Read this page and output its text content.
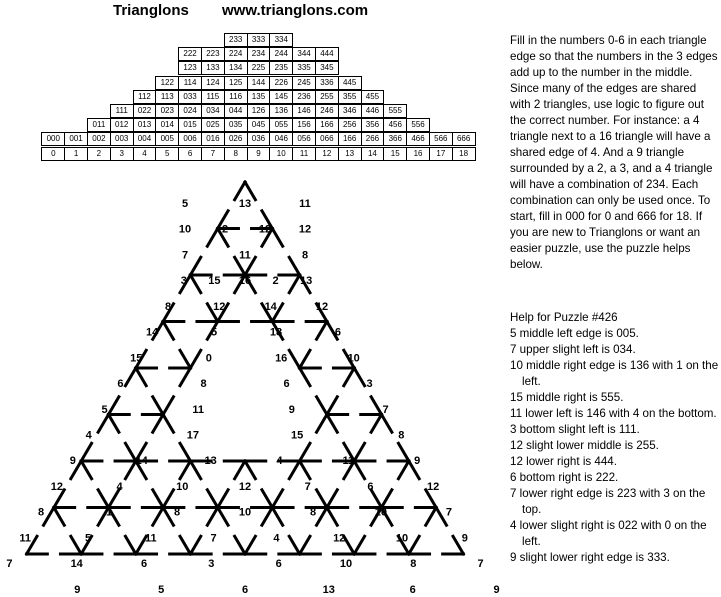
Trianglons www.trianglons.com
233	333	334
222	223	224	234	244	344	444
123	133	134	225	235	335	345
122	114	124	125	144	226	245	336	445
112	113	033	115	116	135	145	236	255	355	455
111	022	023	024	034	044	126	136	146	246	346	446	555
011	012	013	014	015	025	035	045	055	156	166	256	356	456	556
000	001	002	003	004	005	006	016	026	036	046	056	066	166	266	366	466	566	666
0	1	2	3	4	5	6	7	8	9	10	11	12	13	14	15	16	17	18
5	13	11
10	2	12	12
7	11	8
3 15 16 2 13
8	12	14	12
14	5	18	6
15	0	16	10
6	8	6	3
5	11	9	7
4	17	15	8
9	14	13	4	11	9
12	4	10	12	7	6	12
8	1	8	10	8	10	7
11	5	11	7	4	12	10	9
7	14	6	3	6	10	8	7
9	5	6	13	6	9
Fill in the numbers 0-6 in each triangle edge so that the numbers in the 3 edges add up to the number in the middle. Since many of the edges are shared with 2 triangles, use logic to figure out the correct number. For instance: a 4 triangle next to a 16 triangle will have a shared edge of 4. And a 9 triangle surrounded by a 2, a 3, and a 4 triangle will have a combination of 234. Each combination can only be used once. To start, fill in 000 for 0 and 666 for 18. If you are new to Trianglons or want an easier puzzle, use the puzzle helps below.
Help for Puzzle #426
5 middle left edge is 005.
7 upper slight left is 034.
10 middle right edge is 136 with 1 on the left.
15 middle right is 555.
11 lower left is 146 with 4 on the bottom.
3 bottom slight left is 111.
12 slight lower middle is 255.
12 lower right is 444.
6 bottom right is 222.
7 lower right edge is 223 with 3 on the top.
4 lower slight right is 022 with 0 on the left.
9 slight lower right edge is 333.
